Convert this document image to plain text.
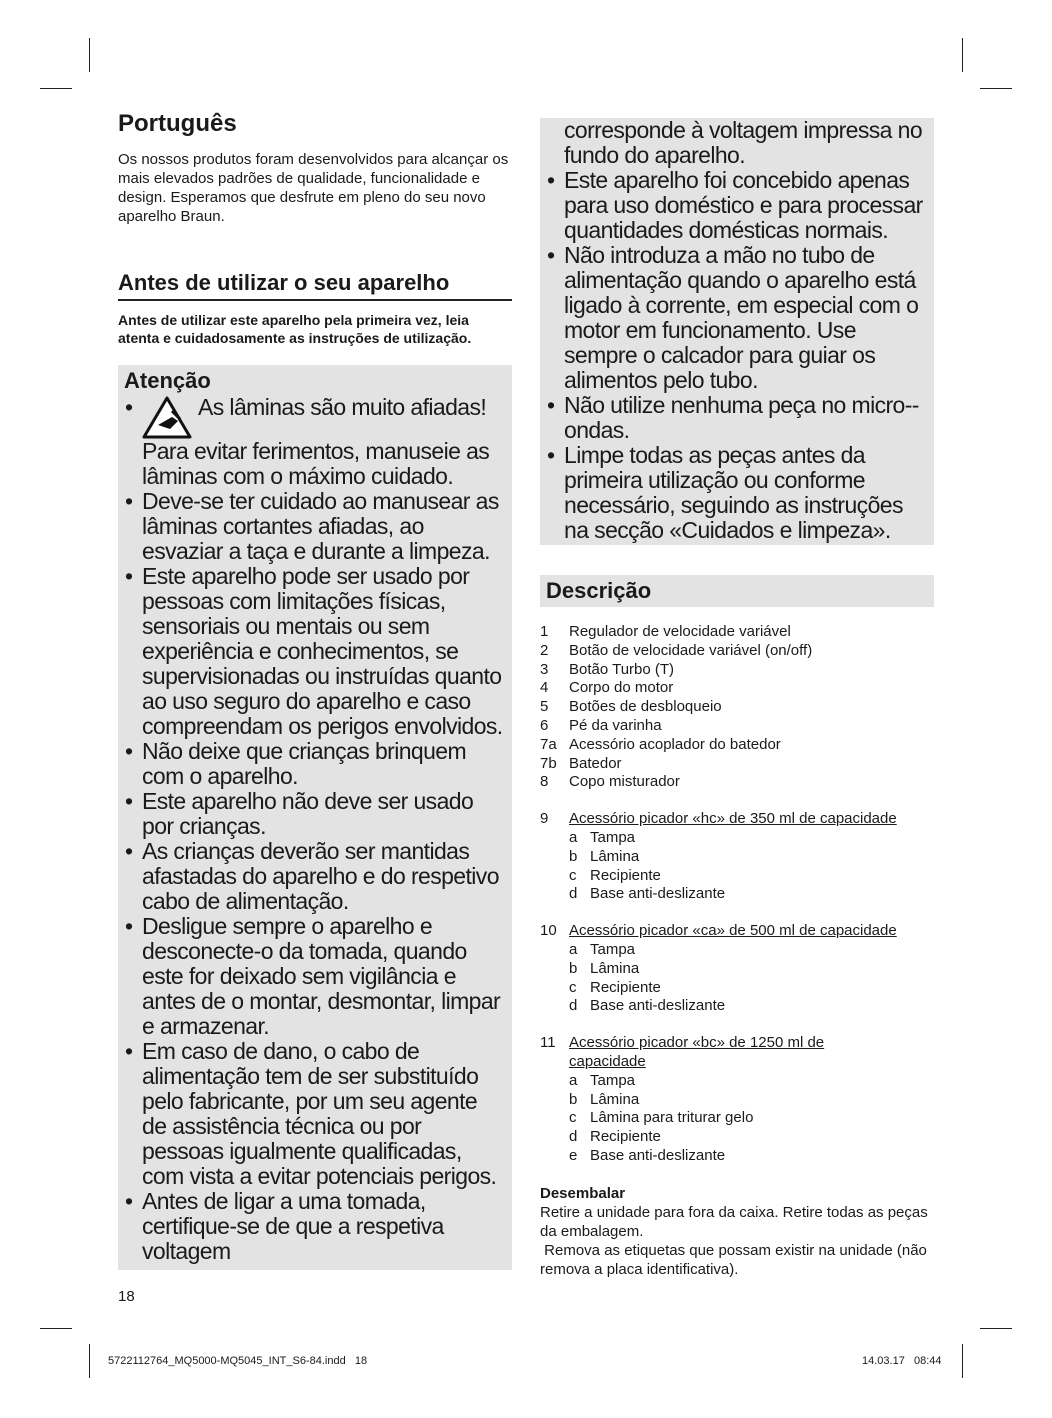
Português

Os nossos produtos foram desenvolvidos para alcançar os mais elevados padrões de qualidade, funcionalidade e design. Esperamos que desfrute em pleno do seu novo aparelho Braun.

Antes de utilizar o seu aparelho

Antes de utilizar este aparelho pela primeira vez, leia atenta e cuidadosamente as instruções de utilização.

Atenção
• As lâminas são muito afiadas! Para evitar ferimentos, manuseie as lâminas com o máximo cuidado.
• Deve-se ter cuidado ao manusear as lâminas cortantes afiadas, ao esvaziar a taça e durante a limpeza.
• Este aparelho pode ser usado por pessoas com limitações físicas, sensoriais ou mentais ou sem experiência e conhecimentos, se supervisionadas ou instruídas quanto ao uso seguro do aparelho e caso compreendam os perigos envolvidos.
• Não deixe que crianças brinquem com o aparelho.
• Este aparelho não deve ser usado por crianças.
• As crianças deverão ser mantidas afastadas do aparelho e do respetivo cabo de alimentação.
• Desligue sempre o aparelho e desconecte-o da tomada, quando este for deixado sem vigilância e antes de o montar, desmontar, limpar e armazenar.
• Em caso de dano, o cabo de alimentação tem de ser substituído pelo fabricante, por um seu agente de assistência técnica ou por pessoas igualmente qualificadas, com vista a evitar potenciais perigos.
• Antes de ligar a uma tomada, certifique-se de que a respetiva voltagem
corresponde à voltagem impressa no fundo do aparelho.
• Este aparelho foi concebido apenas para uso doméstico e para processar quantidades domésticas normais.
• Não introduza a mão no tubo de alimentação quando o aparelho está ligado à corrente, em especial com o motor em funcionamento. Use sempre o calcador para guiar os alimentos pelo tubo.
• Não utilize nenhuma peça no micro--ondas.
• Limpe todas as peças antes da primeira utilização ou conforme necessário, seguindo as instruções na secção «Cuidados e limpeza».
Descrição
1	Regulador de velocidade variável
2	Botão de velocidade variável (on/off)
3	Botão Turbo (T)
4	Corpo do motor
5	Botões de desbloqueio
6	Pé da varinha
7a Acessório acoplador do batedor
7b Batedor
8	Copo misturador
9	Acessório picador «hc» de 350 ml de capacidade
a Tampa
b Lâmina
c Recipiente
d Base anti-deslizante
10 Acessório picador «ca» de 500 ml de capacidade
a Tampa
b Lâmina
c Recipiente
d Base anti-deslizante
11 Acessório picador «bc» de 1250 ml de capacidade
a Tampa
b Lâmina
c Lâmina para triturar gelo
d Recipiente
e Base anti-deslizante
Desembalar

Retire a unidade para fora da caixa. Retire todas as peças da embalagem.

Remova as etiquetas que possam existir na unidade (não remova a placa identificativa).

18
5722112764_MQ5000-MQ5045_INT_S6-84.indd   18	14.03.17   08:44
